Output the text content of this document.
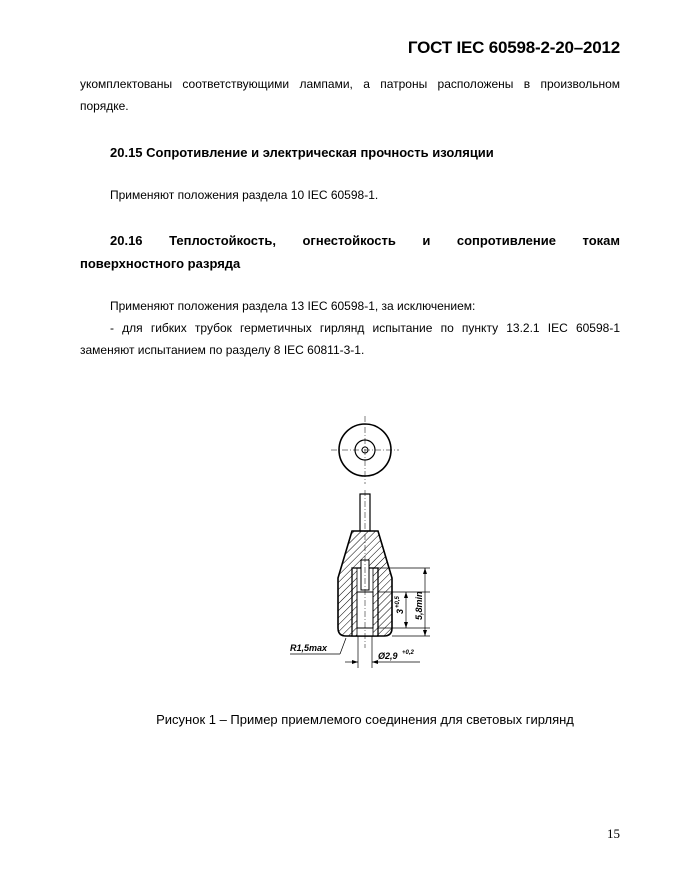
ГОСТ IEC 60598-2-20–2012
укомплектованы соответствующими лампами, а патроны расположены в произвольном
порядке.
20.15 Сопротивление и электрическая прочность изоляции
Применяют положения раздела 10 IEC 60598-1.
20.16 Теплостойкость, огнестойкость и сопротивление токам
поверхностного разряда
Применяют положения раздела 13 IEC 60598-1, за исключением:
- для гибких трубок герметичных гирлянд испытание по пункту 13.2.1 IEC 60598-1
заменяют испытанием по разделу 8 IEC 60811-3-1.
R1,5max
Ø2,9 +0,2
3
+0,5 5,8min
Рисунок 1 – Пример приемлемого соединения для световых гирлянд
15
